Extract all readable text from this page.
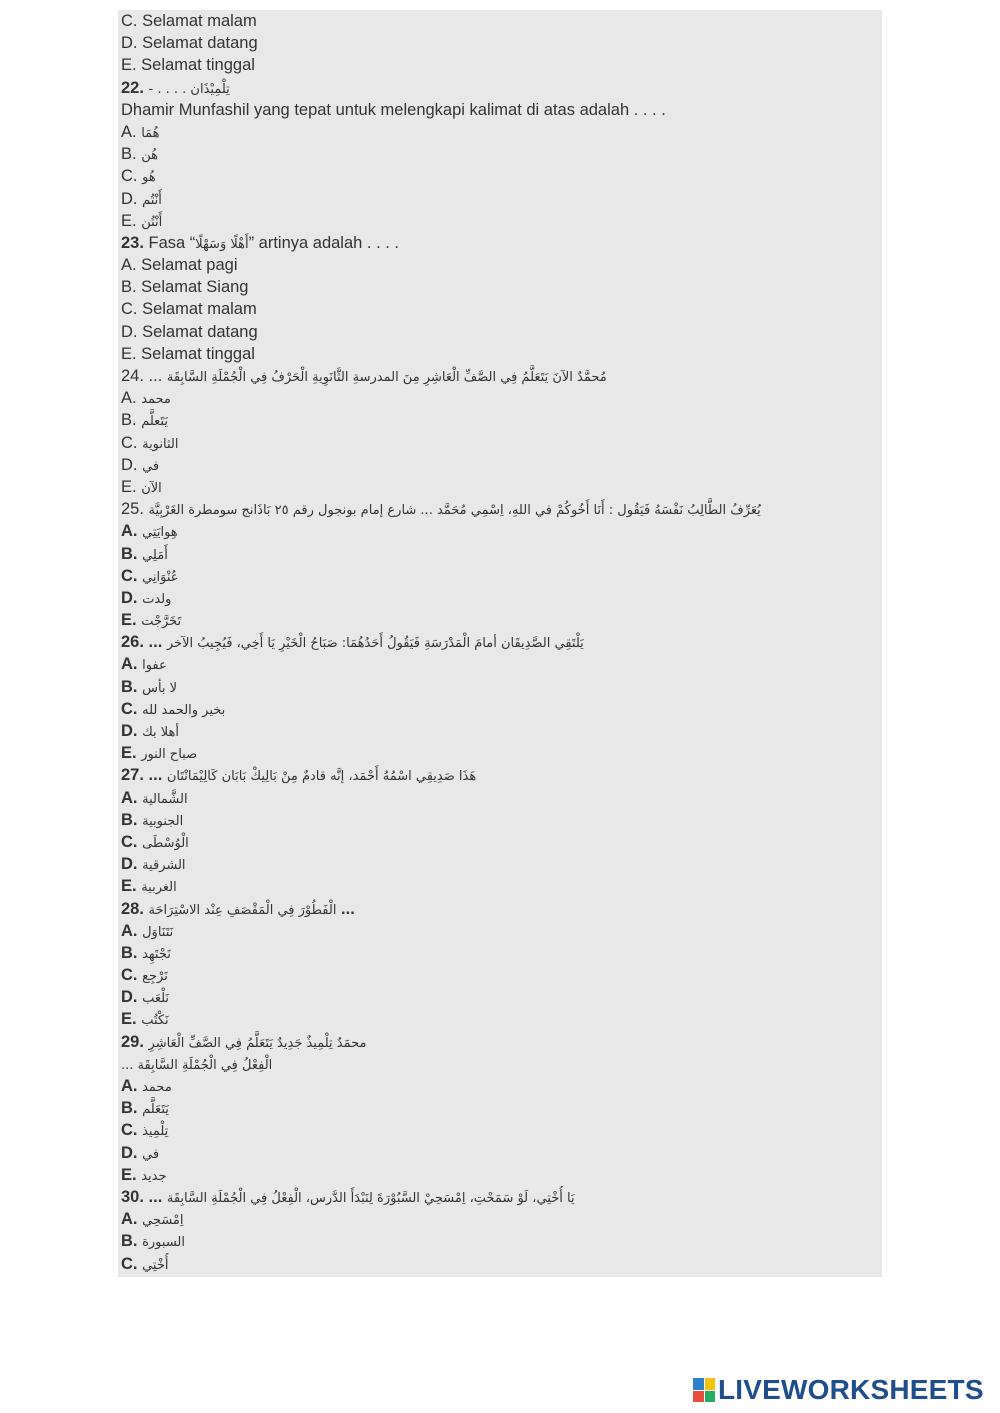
C. Selamat malam
D. Selamat datang
E. Selamat tinggal
22. تِلْمِيْذَان . . . . -
Dhamir Munfashil yang tepat untuk melengkapi kalimat di atas adalah . . . .
A. هُمَا
B. هُن
C. هُو
D. أَنْتُم
E. أَنْتُن
23. Fasa “أَهْلًا وَسَهْلًا” artinya adalah . . . .
A. Selamat pagi
B. Selamat Siang
C. Selamat malam
D. Selamat datang
E. Selamat tinggal
24. ... مُحمَّدٌ الآنَ يَتَعَلَّمُ فِي الصَّفِّ الْعَاشِرِ مِنَ المدرسةِ الثَّانَوِيةِ الْحَرْفُ فِي الْجُمْلَةِ السَّابِقَة
A. محمد
B. يَتَعلَّم
C. الثانوية
D. في
E. الآن
25. يُعَرِّفُ الطَّالِبُ نَفْسَهُ فَيَقُول : أَنَا أَخُوكُمْ في اللهِ، اِسْمِي مُحَمَّد ... شارع إمام بونجول رقم ٢٥ بَاذَانج سومطرة الغَرْبِيَّة
A. هِوايَتِي
B. أَمَلِي
C. عُنْوَانِي
D. ولدت
E. تَخَرَّجْت
26. ... يَلْتَقِي الصَّدِيقَان أمامَ الْمَدْرَسَةِ فَيَقُولُ أَحَدُهُمَا: صَبَاحُ الْخَيْرِ يَا أَخِي، فَيُجِيبُ الآخر
A. عفوا
B. لا بأس
C. بخير والحمد لله
D. أهلا بك
E. صباح النور
27. ... هَذَا صَدِيقِي اسْمُهُ أَحْمَد، إنَّه قادمٌ مِنْ بَالِيكْ بَابَان كَالِيْمَانْتَان
A. الشَّمالية
B. الجنوبية
C. الْوُسْطَى
D. الشرقية
E. الغربية
28. الْفَطُوْرَ فِي الْمَقْصَفِ عِنْد الاسْتِرَاحَة ...
A. نَتَنَاوَل
B. نَجْتَهِد
C. نَرْجِع
D. نَلْعَب
E. نَكْتُب
29. محمَدٌ تِلْمِيذٌ جَدِيدٌ يَتَعَلَّمُ فِي الصَّفِّ الْعَاشِرِ
الْفِعْلُ فِي الْجُمْلَةِ السَّابِقَة ...
A. محمد
B. يَتَعَلَّم
C. تِلْمِيذ
D. في
E. جديد
30. ... يَا أُخْتِي، لَوْ سَمَحْتِ، اِمْسَحِيْ السَّبُوْرَةَ لِنَبْدَأَ الدَّرس، الْفِعْلُ فِي الْجُمْلَةِ السَّابِقَة
A. اِمْسَحِي
B. السبورة
C. أُخْتِي
LIVEWORKSHEETS
